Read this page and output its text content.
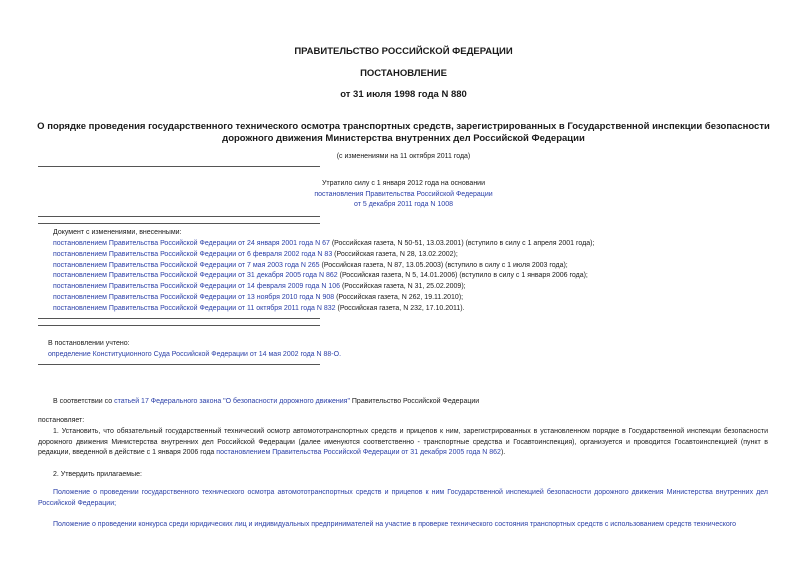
ПРАВИТЕЛЬСТВО РОССИЙСКОЙ ФЕДЕРАЦИИ
ПОСТАНОВЛЕНИЕ
от 31 июля 1998 года N 880
О порядке проведения государственного технического осмотра транспортных средств, зарегистрированных в Государственной инспекции безопасности
дорожного движения Министерства внутренних дел Российской Федерации
(с изменениями на 11 октября 2011 года)
Утратило силу с 1 января 2012 года на основании
постановления Правительства Российской Федерации
от 5 декабря 2011 года N 1008
Документ с изменениями, внесенными:
постановлением Правительства Российской Федерации от 24 января 2001 года N 67 (Российская газета, N 50-51, 13.03.2001) (вступило в силу с 1 апреля 2001 года);
постановлением Правительства Российской Федерации от 6 февраля 2002 года N 83 (Российская газета, N 28, 13.02.2002);
постановлением Правительства Российской Федерации от 7 мая 2003 года N 265 (Российская газета, N 87, 13.05.2003) (вступило в силу с 1 июля 2003 года);
постановлением Правительства Российской Федерации от 31 декабря 2005 года N 862 (Российская газета, N 5, 14.01.2006) (вступило в силу с 1 января 2006 года);
постановлением Правительства Российской Федерации от 14 февраля 2009 года N 106 (Российская газета, N 31, 25.02.2009);
постановлением Правительства Российской Федерации от 13 ноября 2010 года N 908 (Российская газета, N 262, 19.11.2010);
постановлением Правительства Российской Федерации от 11 октября 2011 года N 832 (Российская газета, N 232, 17.10.2011).
В постановлении учтено:
определение Конституционного Суда Российской Федерации от 14 мая 2002 года N 88-О.
В соответствии со статьей 17 Федерального закона "О безопасности дорожного движения" Правительство Российской Федерации
постановляет:
1. Установить, что обязательный государственный технический осмотр автомототранспортных средств и прицепов к ним, зарегистрированных в установленном порядке в Государственной инспекции безопасности дорожного движения Министерства внутренних дел Российской Федерации (далее именуются соответственно - транспортные средства и Госавтоинспекция), организуется и проводится Госавтоинспекцией (пункт в редакции, введенной в действие с 1 января 2006 года постановлением Правительства Российской Федерации от 31 декабря 2005 года N 862).
2. Утвердить прилагаемые:
Положение о проведении государственного технического осмотра автомототранспортных средств и прицепов к ним Государственной инспекцией безопасности дорожного движения Министерства внутренних дел Российской Федерации;
Положение о проведении конкурса среди юридических лиц и индивидуальных предпринимателей на участие в проверке технического состояния транспортных средств с использованием средств технического
